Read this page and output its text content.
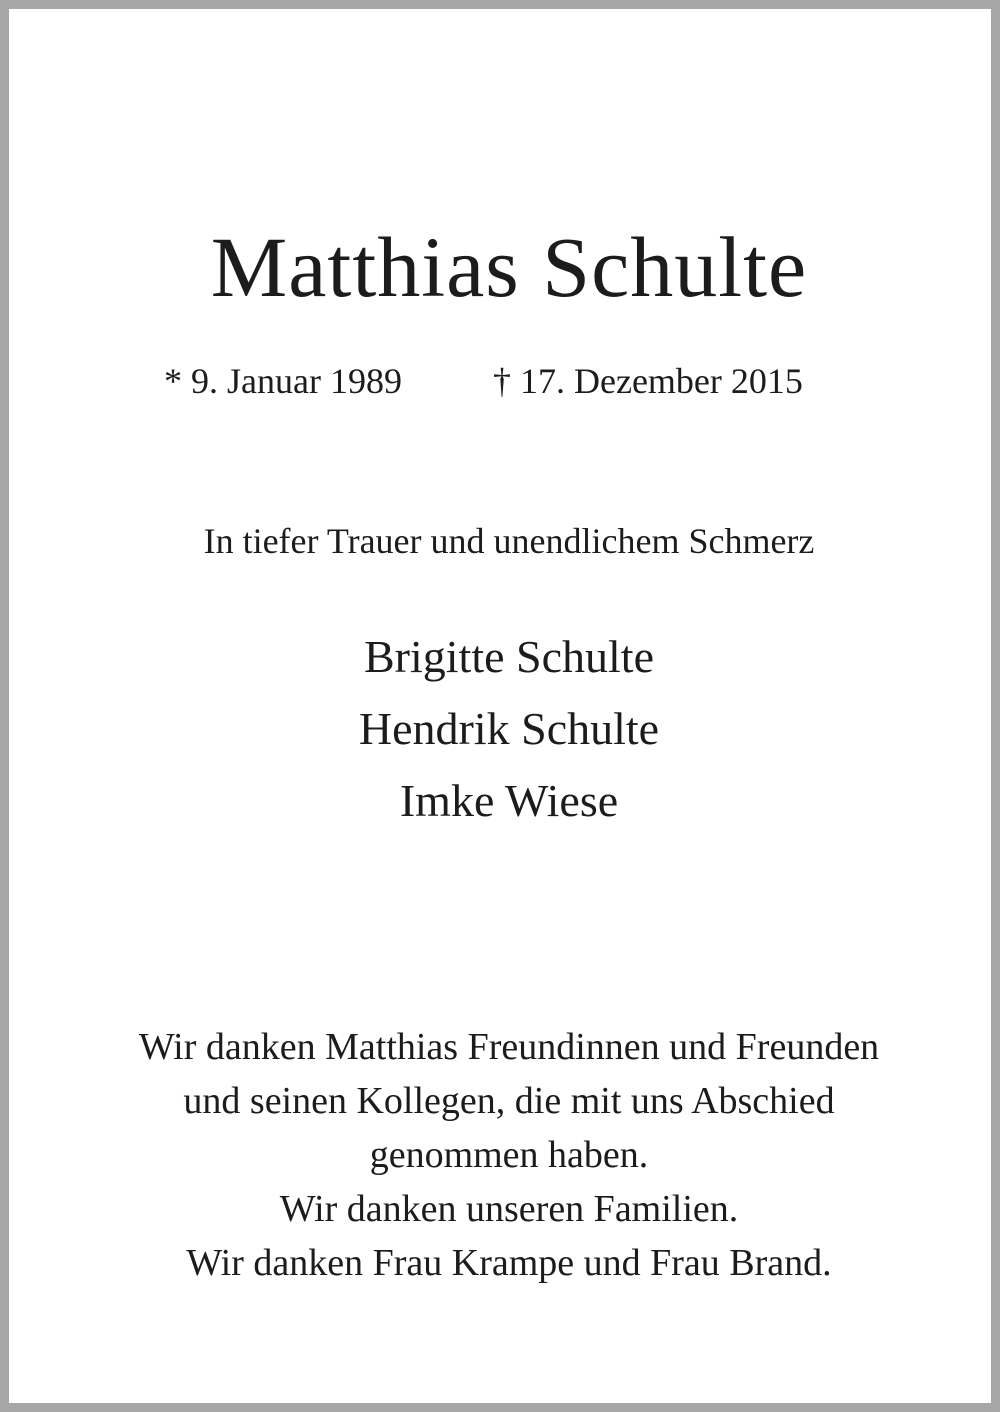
Matthias Schulte
* 9. Januar 1989	† 17. Dezember 2015
In tiefer Trauer und unendlichem Schmerz
Brigitte Schulte
Hendrik Schulte
Imke Wiese
Wir danken Matthias Freundinnen und Freunden
und seinen Kollegen, die mit uns Abschied
genommen haben.
Wir danken unseren Familien.
Wir danken Frau Krampe und Frau Brand.
